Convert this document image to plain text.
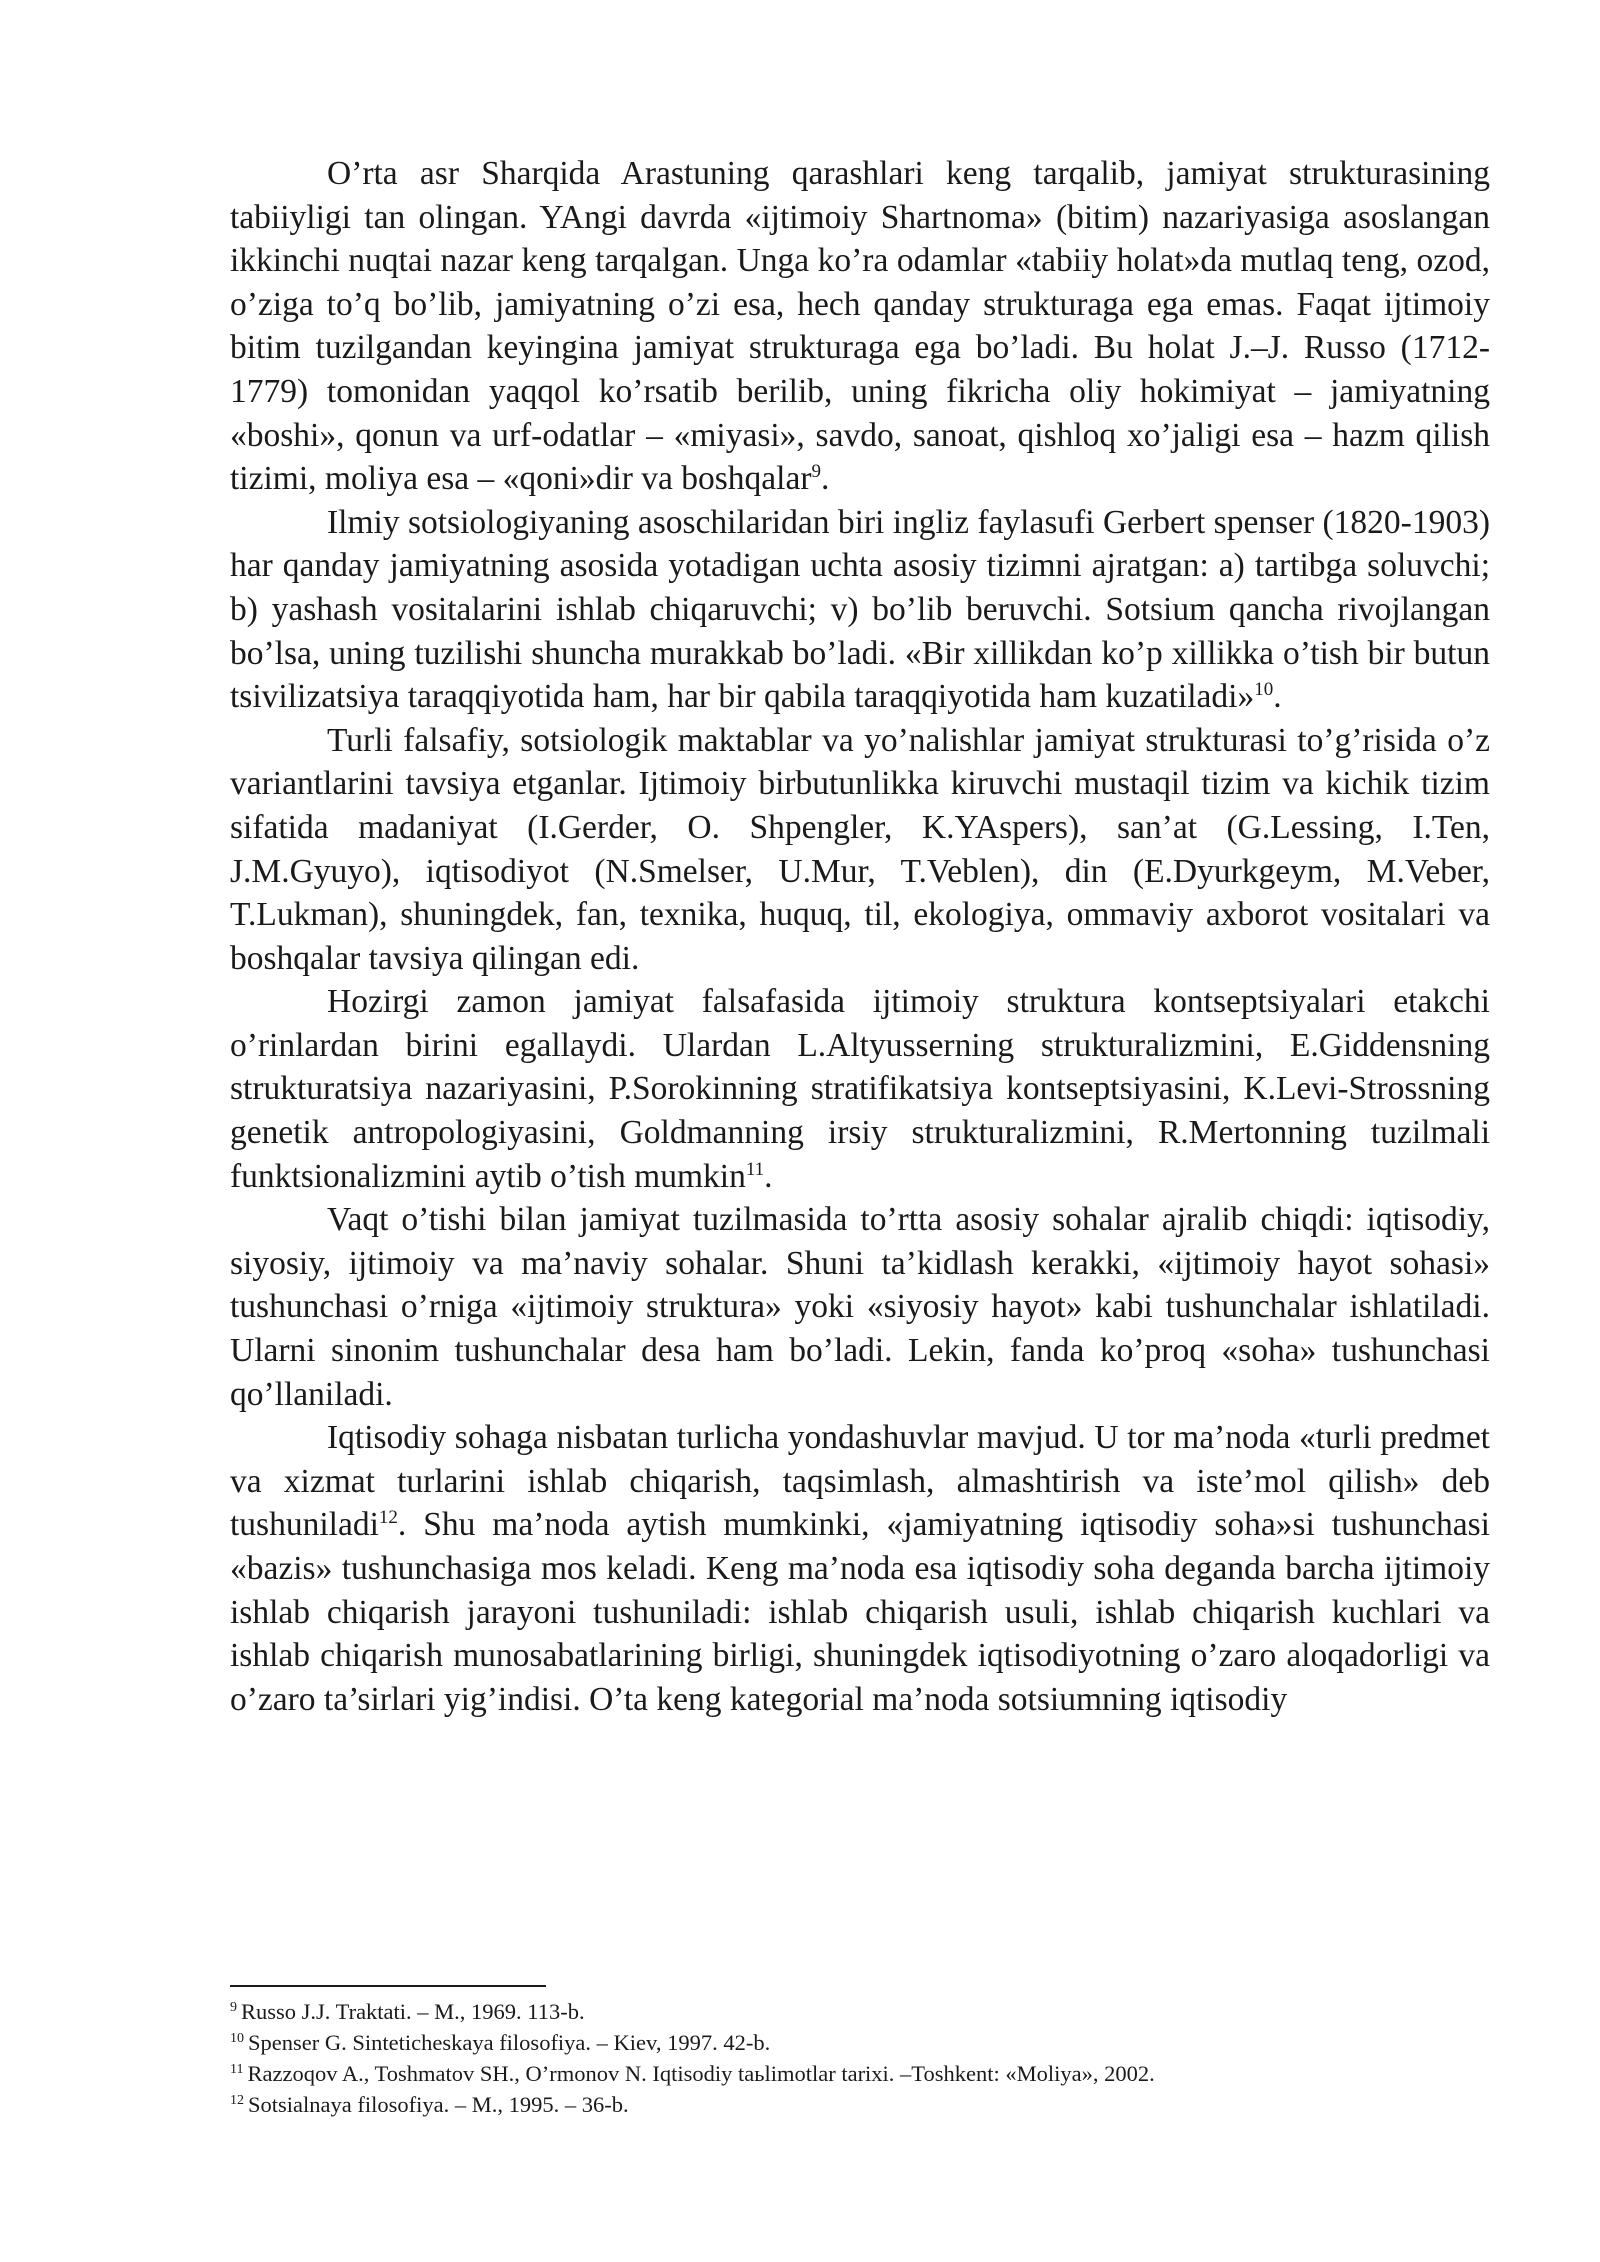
O’rta asr Sharqida Arastuning qarashlari keng tarqalib, jamiyat strukturasining tabiiyligi tan olingan. YAngi davrda «ijtimoiy Shartnoma» (bitim) nazariyasiga asoslangan ikkinchi nuqtai nazar keng tarqalgan. Unga ko’ra odamlar «tabiiy holat»da mutlaq teng, ozod, o’ziga to’q bo’lib, jamiyatning o’zi esa, hech qanday strukturaga ega emas. Faqat ijtimoiy bitim tuzilgandan keyingina jamiyat strukturaga ega bo’ladi. Bu holat J.–J. Russo (1712-1779) tomonidan yaqqol ko’rsatib berilib, uning fikricha oliy hokimiyat – jamiyatning «boshi», qonun va urf-odatlar – «miyasi», savdo, sanoat, qishloq xo’jaligi esa – hazm qilish tizimi, moliya esa – «qoni»dir va boshqalar$^9$.

Ilmiy sotsiologiyaning asoschilaridan biri ingliz faylasufi Gerbert spenser (1820-1903) har qanday jamiyatning asosida yotadigan uchta asosiy tizimni ajratgan: a) tartibga soluvchi; b) yashash vositalarini ishlab chiqaruvchi; v) bo’lib beruvchi. Sotsium qancha rivojlangan bo’lsa, uning tuzilishi shuncha murakkab bo’ladi. «Bir xillikdan ko’p xillikka o’tish bir butun tsivilizatsiya taraqqiyotida ham, har bir qabila taraqqiyotida ham kuzatiladi»$^{10}$.

Turli falsafiy, sotsiologik maktablar va yo’nalishlar jamiyat strukturasi to’g’risida o’z variantlarini tavsiya etganlar. Ijtimoiy birbutunlikka kiruvchi mustaqil tizim va kichik tizim sifatida madaniyat (I.Gerder, O. Shpengler, K.YAspers), san’at (G.Lessing, I.Ten, J.M.Gyuyo), iqtisodiyot (N.Smelser, U.Mur, T.Veblen), din (E.Dyurkgeym, M.Veber, T.Lukman), shuningdek, fan, texnika, huquq, til, ekologiya, ommaviy axborot vositalari va boshqalar tavsiya qilingan edi.

Hozirgi zamon jamiyat falsafasida ijtimoiy struktura kontseptsiyalari etakchi o’rinlardan birini egallaydi. Ulardan L.Altyusserning strukturalizmini, E.Giddensning strukturatsiya nazariyasini, P.Sorokinning stratifikatsiya kontseptsiyasini, K.Levi-Strossning genetik antropologiyasini, Goldmanning irsiy strukturalizmini, R.Mertonning tuzilmali funktsionalizmini aytib o’tish mumkin$^{11}$.

Vaqt o’tishi bilan jamiyat tuzilmasida to’rtta asosiy sohalar ajralib chiqdi: iqtisodiy, siyosiy, ijtimoiy va ma’naviy sohalar. Shuni ta’kidlash kerakki, «ijtimoiy hayot sohasi» tushunchasi o’rniga «ijtimoiy struktura» yoki «siyosiy hayot» kabi tushunchalar ishlatiladi. Ularni sinonim tushunchalar desa ham bo’ladi. Lekin, fanda ko’proq «soha» tushunchasi qo’llaniladi.

Iqtisodiy sohaga nisbatan turlicha yondashuvlar mavjud. U tor ma’noda «turli predmet va xizmat turlarini ishlab chiqarish, taqsimlash, almashtirish va iste’mol qilish» deb tushuniladi$^{12}$. Shu ma’noda aytish mumkinki, «jamiyatning iqtisodiy soha»si tushunchasi «bazis» tushunchasiga mos keladi. Keng ma’noda esa iqtisodiy soha deganda barcha ijtimoiy ishlab chiqarish jarayoni tushuniladi: ishlab chiqarish usuli, ishlab chiqarish kuchlari va ishlab chiqarish munosabatlarining birligi, shuningdek iqtisodiyotning o’zaro aloqadorligi va o’zaro ta’sirlari yig’indisi. O’ta keng kategorial ma’noda sotsiumning iqtisodiy

$^9$ Russo J.J. Traktati. – M., 1969. 113-b.

$^{10}$ Spenser G. Sinteticheskaya filosofiya. – Kiev, 1997. 42-b.

$^{11}$ Razzoqov A., Toshmatov SH., O’rmonov N. Iqtisodiy taьlimotlar tarixi. –Toshkent: «Moliya», 2002.

$^{12}$ Sotsialnaya filosofiya. – M., 1995. – 36-b.
